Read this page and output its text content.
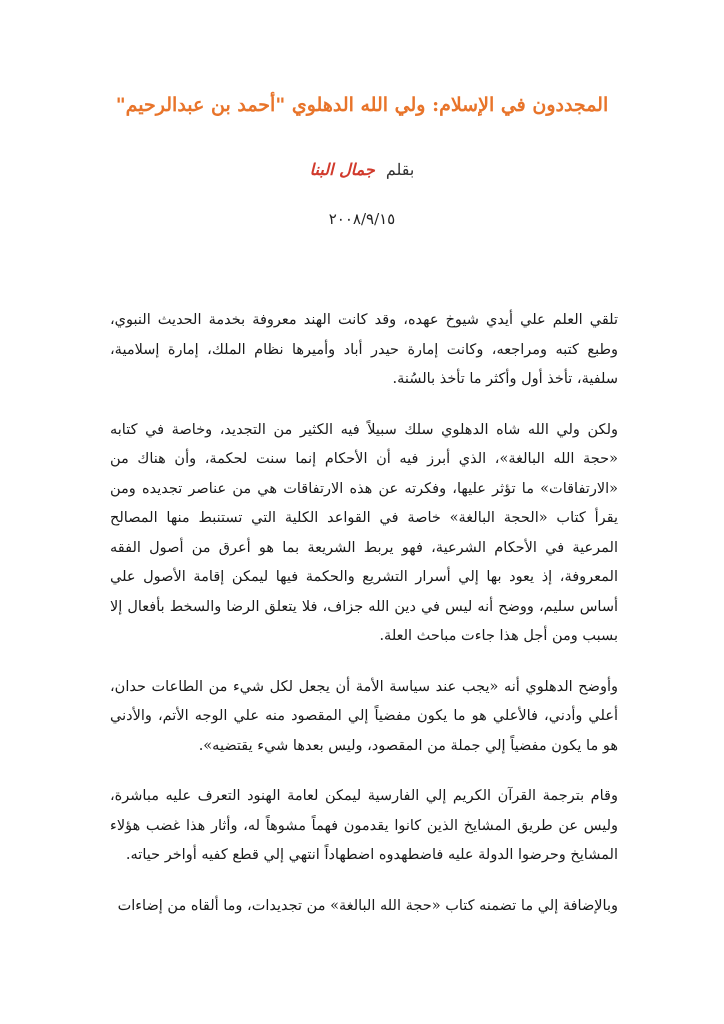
المجددون في الإسلام: ولي الله الدهلوي "أحمد بن عبدالرحيم"
بقلم جمال البنا
٢٠٠٨/٩/١٥

تلقي العلم علي أيدي شيوخ عهده، وقد كانت الهند معروفة بخدمة الحديث النبوي، وطبع كتبه ومراجعه، وكانت إمارة حيدر أباد وأميرها نظام الملك، إمارة إسلامية، سلفية، تأخذ أول وأكثر ما تأخذ بالسُنة.

ولكن ولي الله شاه الدهلوي سلك سبيلاً فيه الكثير من التجديد، وخاصة في كتابه «حجة الله البالغة»، الذي أبرز فيه أن الأحكام إنما سنت لحكمة، وأن هناك من «الارتفاقات» ما تؤثر عليها، وفكرته عن هذه الارتفاقات هي من عناصر تجديده ومن يقرأ كتاب «الحجة البالغة» خاصة في القواعد الكلية التي تستنبط منها المصالح المرعية في الأحكام الشرعية، فهو يربط الشريعة بما هو أعرق من أصول الفقه المعروفة، إذ يعود بها إلي أسرار التشريع والحكمة فيها ليمكن إقامة الأصول علي أساس سليم، ووضح أنه ليس في دين الله جزاف، فلا يتعلق الرضا والسخط بأفعال إلا بسبب ومن أجل هذا جاءت مباحث العلة.

وأوضح الدهلوي أنه «يجب عند سياسة الأمة أن يجعل لكل شيء من الطاعات حدان، أعلي وأدني، فالأعلي هو ما يكون مفضياً إلي المقصود منه علي الوجه الأتم، والأدني هو ما يكون مفضياً إلي جملة من المقصود، وليس بعدها شيء يقتضيه».

وقام بترجمة القرآن الكريم إلي الفارسية ليمكن لعامة الهنود التعرف عليه مباشرة، وليس عن طريق المشايخ الذين كانوا يقدمون فهماً مشوهاً له، وأثار هذا غضب هؤلاء المشايخ وحرضوا الدولة عليه فاضطهدوه اضطهاداً انتهي إلي قطع كفيه أواخر حياته.

وبالإضافة إلي ما تضمنه كتاب «حجة الله البالغة» من تجديدات، وما ألقاه من إضاءات
